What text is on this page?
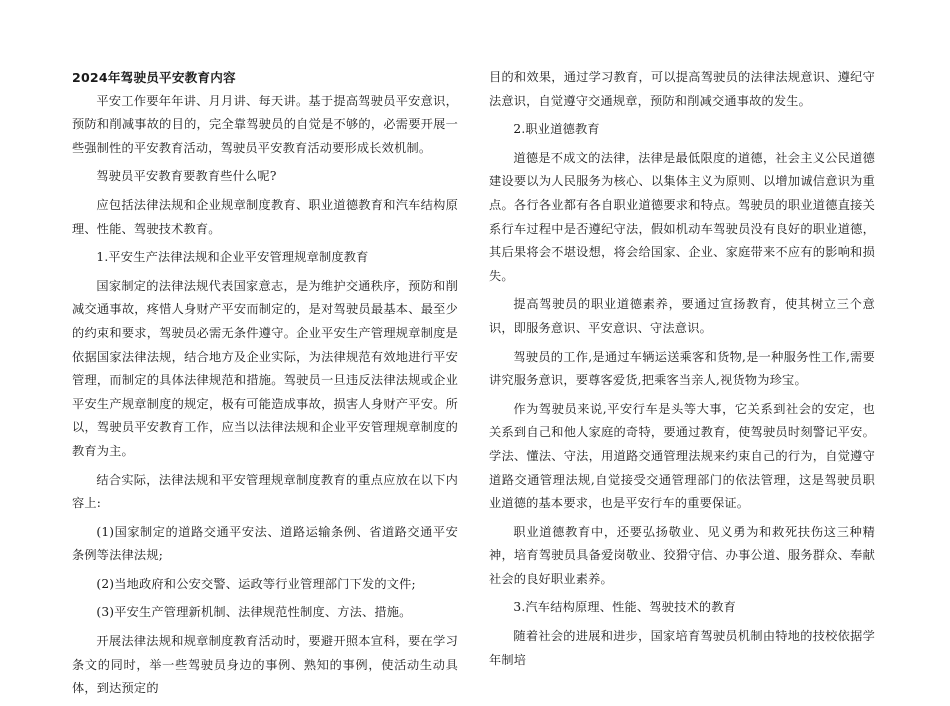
2024年驾驶员平安教育内容

平安工作要年年讲、月月讲、每天讲。基于提高驾驶员平安意识，预防和削减事故的目的，完全靠驾驶员的自觉是不够的，必需要开展一些强制性的平安教育活动，驾驶员平安教育活动要形成长效机制。

驾驶员平安教育要教育些什么呢?

应包括法律法规和企业规章制度教育、职业道德教育和汽车结构原理、性能、驾驶技术教育。

1.平安生产法律法规和企业平安管理规章制度教育

国家制定的法律法规代表国家意志，是为维护交通秩序，预防和削减交通事故，疼惜人身财产平安而制定的，是对驾驶员最基本、最至少的约束和要求，驾驶员必需无条件遵守。企业平安生产管理规章制度是依据国家法律法规，结合地方及企业实际，为法律规范有效地进行平安管理，而制定的具体法律规范和措施。驾驶员一旦违反法律法规或企业平安生产规章制度的规定，极有可能造成事故，损害人身财产平安。所以，驾驶员平安教育工作，应当以法律法规和企业平安管理规章制度的教育为主。

结合实际，法律法规和平安管理规章制度教育的重点应放在以下内容上:

(1)国家制定的道路交通平安法、道路运输条例、省道路交通平安条例等法律法规;

(2)当地政府和公安交警、运政等行业管理部门下发的文件;

(3)平安生产管理新机制、法律规范性制度、方法、措施。

开展法律法规和规章制度教育活动时，要避开照本宣科，要在学习条文的同时，举一些驾驶员身边的事例、熟知的事例，使活动生动具体，到达预定的

目的和效果，通过学习教育，可以提高驾驶员的法律法规意识、遵纪守法意识，自觉遵守交通规章，预防和削减交通事故的发生。

2.职业道德教育

道德是不成文的法律，法律是最低限度的道德，社会主义公民道德建设要以为人民服务为核心、以集体主义为原则、以增加诚信意识为重点。各行各业都有各自职业道德要求和特点。驾驶员的职业道德直接关系行车过程中是否遵纪守法，假如机动车驾驶员没有良好的职业道德，其后果将会不堪设想，将会给国家、企业、家庭带来不应有的影响和损失。

提高驾驶员的职业道德素养，要通过宣扬教育，使其树立三个意识，即服务意识、平安意识、守法意识。

驾驶员的工作,是通过车辆运送乘客和货物,是一种服务性工作,需要讲究服务意识，要尊客爱货,把乘客当亲人,视货物为珍宝。

作为驾驶员来说,平安行车是头等大事，它关系到社会的安定，也关系到自己和他人家庭的奇特，要通过教育，使驾驶员时刻警记平安。学法、懂法、守法，用道路交通管理法规来约束自己的行为，自觉遵守道路交通管理法规,自觉接受交通管理部门的依法管理，这是驾驶员职业道德的基本要求，也是平安行车的重要保证。

职业道德教育中，还要弘扬敬业、见义勇为和救死扶伤这三种精神，培育驾驶员具备爱岗敬业、狡猾守信、办事公道、服务群众、奉献社会的良好职业素养。

3.汽车结构原理、性能、驾驶技术的教育

随着社会的进展和进步，国家培育驾驶员机制由特地的技校依据学年制培
